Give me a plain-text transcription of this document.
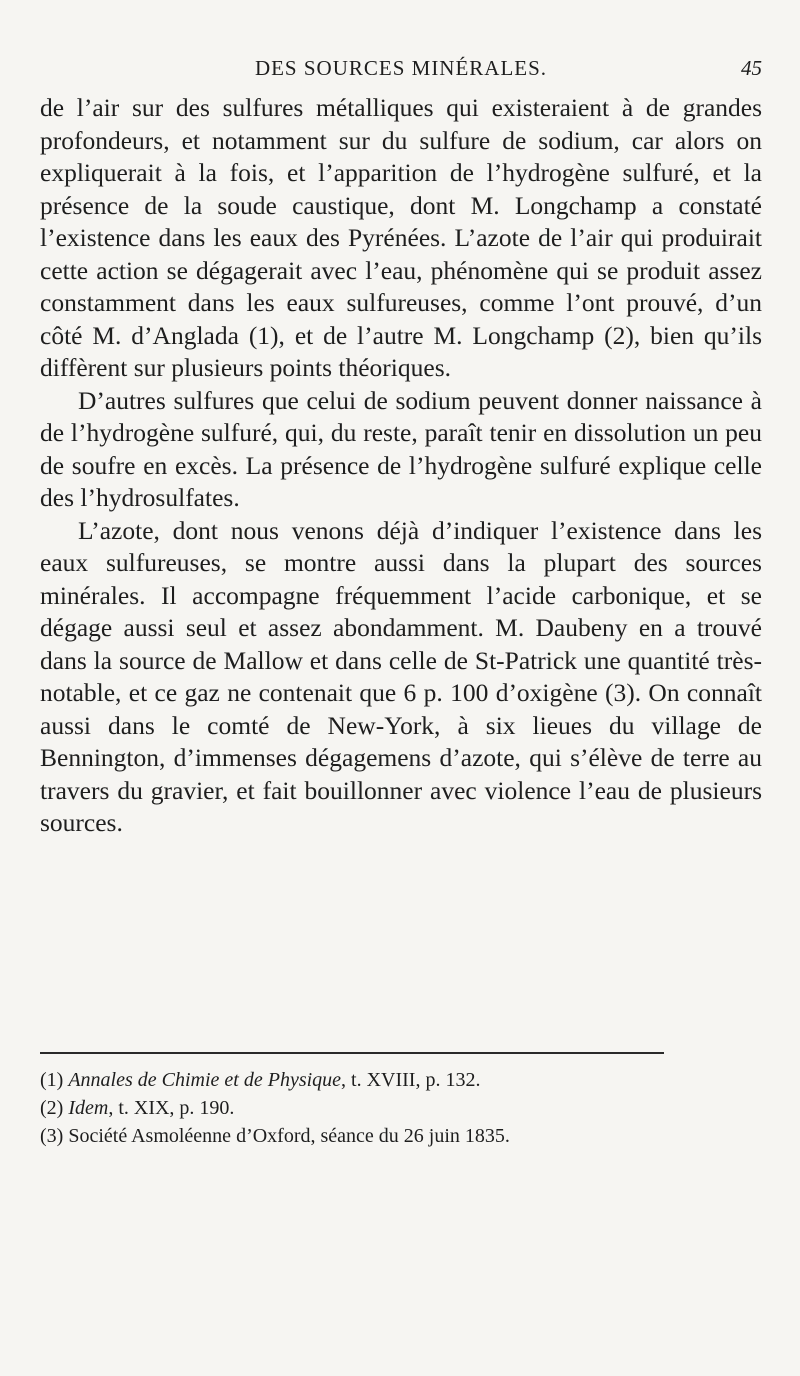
DES SOURCES MINÉRALES.	45

de l’air sur des sulfures métalliques qui existeraient à de grandes profondeurs, et notamment sur du sulfure de sodium, car alors on expliquerait à la fois, et l’apparition de l’hydrogène sulfuré, et la présence de la soude caustique, dont M. Longchamp a constaté l’existence dans les eaux des Pyrénées. L’azote de l’air qui produirait cette action se dégagerait avec l’eau, phénomène qui se produit assez constamment dans les eaux sulfureuses, comme l’ont prouvé, d’un côté M. d’Anglada (1), et de l’autre M. Longchamp (2), bien qu’ils diffèrent sur plusieurs points théoriques.

D’autres sulfures que celui de sodium peuvent donner naissance à de l’hydrogène sulfuré, qui, du reste, paraît tenir en dissolution un peu de soufre en excès. La présence de l’hydrogène sulfuré explique celle des l’hydrosulfates.

L’azote, dont nous venons déjà d’indiquer l’existence dans les eaux sulfureuses, se montre aussi dans la plupart des sources minérales. Il accompagne fréquemment l’acide carbonique, et se dégage aussi seul et assez abondamment. M. Daubeny en a trouvé dans la source de Mallow et dans celle de St-Patrick une quantité très-notable, et ce gaz ne contenait que 6 p. 100 d’oxigène (3). On connaît aussi dans le comté de New-York, à six lieues du village de Bennington, d’immenses dégagemens d’azote, qui s’élève de terre au travers du gravier, et fait bouillonner avec violence l’eau de plusieurs sources.

(1) Annales de Chimie et de Physique, t. XVIII, p. 132.
(2) Idem, t. XIX, p. 190.
(3) Société Asmoléenne d’Oxford, séance du 26 juin 1835.
